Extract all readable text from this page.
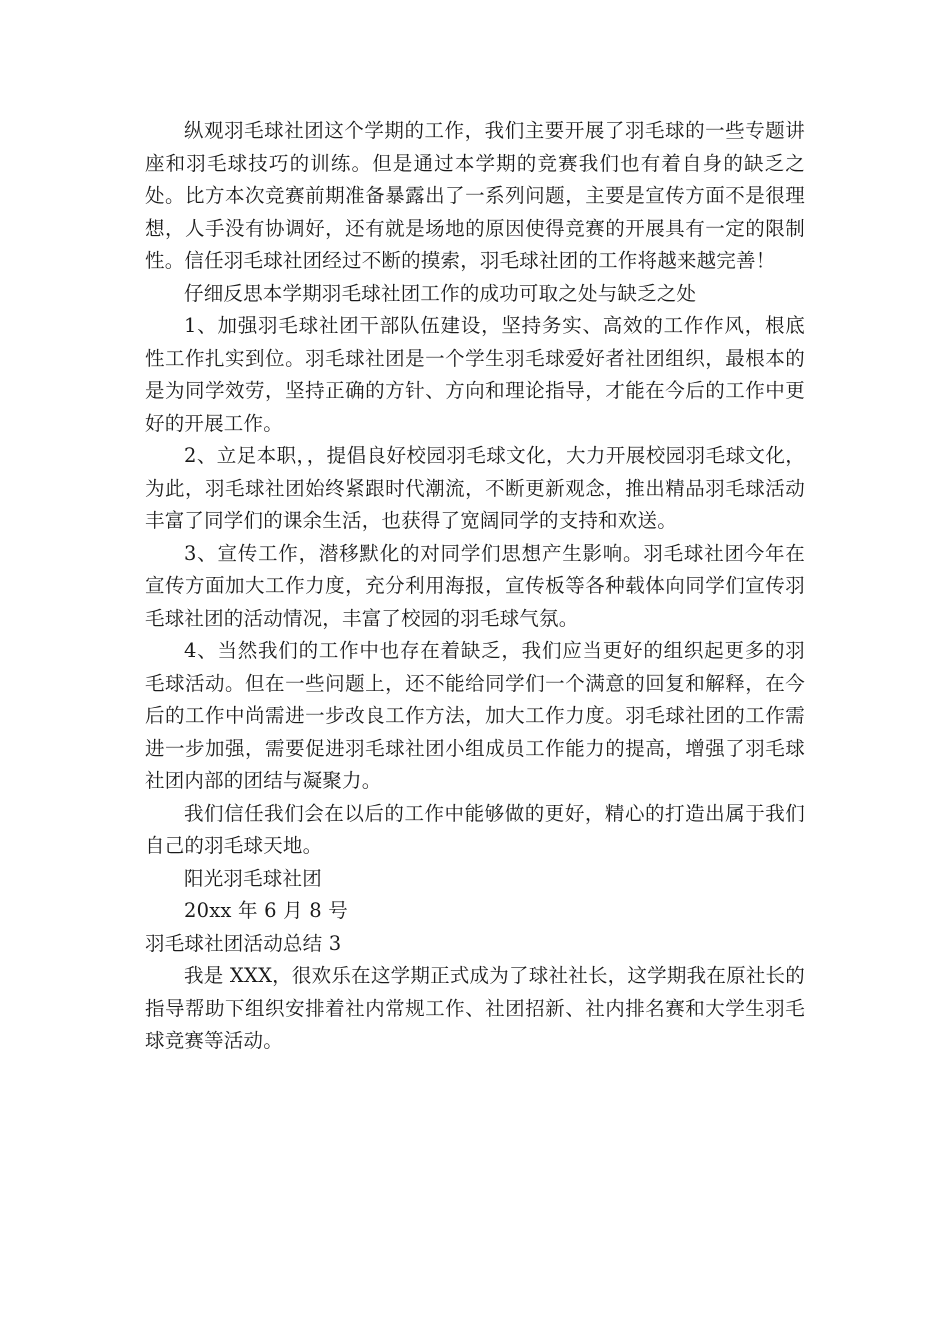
纵观羽毛球社团这个学期的工作，我们主要开展了羽毛球的一些专题讲座和羽毛球技巧的训练。但是通过本学期的竞赛我们也有着自身的缺乏之处。比方本次竞赛前期准备暴露出了一系列问题，主要是宣传方面不是很理想，人手没有协调好，还有就是场地的原因使得竞赛的开展具有一定的限制性。信任羽毛球社团经过不断的摸索，羽毛球社团的工作将越来越完善！

仔细反思本学期羽毛球社团工作的成功可取之处与缺乏之处

1、加强羽毛球社团干部队伍建设，坚持务实、高效的工作作风，根底性工作扎实到位。羽毛球社团是一个学生羽毛球爱好者社团组织，最根本的是为同学效劳，坚持正确的方针、方向和理论指导，才能在今后的工作中更好的开展工作。

2、立足本职，，提倡良好校园羽毛球文化，大力开展校园羽毛球文化，为此，羽毛球社团始终紧跟时代潮流，不断更新观念，推出精品羽毛球活动丰富了同学们的课余生活，也获得了宽阔同学的支持和欢送。

3、宣传工作，潜移默化的对同学们思想产生影响。羽毛球社团今年在宣传方面加大工作力度，充分利用海报，宣传板等各种载体向同学们宣传羽毛球社团的活动情况，丰富了校园的羽毛球气氛。

4、当然我们的工作中也存在着缺乏，我们应当更好的组织起更多的羽毛球活动。但在一些问题上，还不能给同学们一个满意的回复和解释，在今后的工作中尚需进一步改良工作方法，加大工作力度。羽毛球社团的工作需进一步加强，需要促进羽毛球社团小组成员工作能力的提高，增强了羽毛球社团内部的团结与凝聚力。

我们信任我们会在以后的工作中能够做的更好，精心的打造出属于我们自己的羽毛球天地。

阳光羽毛球社团

20xx 年 6 月 8 号

羽毛球社团活动总结 3

我是 XXX，很欢乐在这学期正式成为了球社社长，这学期我在原社长的指导帮助下组织安排着社内常规工作、社团招新、社内排名赛和大学生羽毛球竞赛等活动。
